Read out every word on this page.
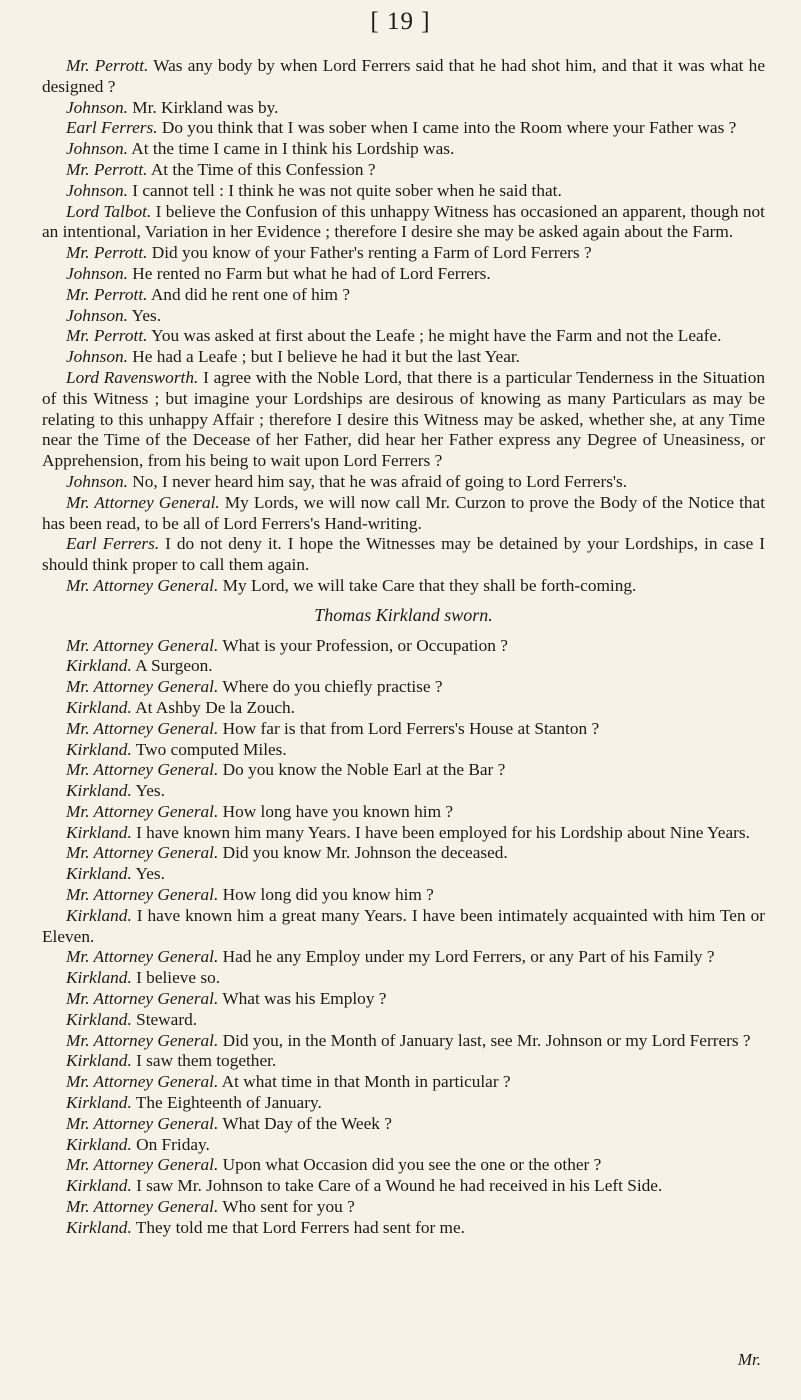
[ 19 ]

Mr. Perrott. Was any body by when Lord Ferrers said that he had shot him, and that it was what he designed ?

Johnson. Mr. Kirkland was by.

Earl Ferrers. Do you think that I was sober when I came into the Room where your Father was ?

Johnson. At the time I came in I think his Lordship was.

Mr. Perrott. At the Time of this Confession ?

Johnson. I cannot tell : I think he was not quite sober when he said that.

Lord Talbot. I believe the Confusion of this unhappy Witness has occasioned an apparent, though not an intentional, Variation in her Evidence ; therefore I desire she may be asked again about the Farm.

Mr. Perrott. Did you know of your Father's renting a Farm of Lord Ferrers ?

Johnson. He rented no Farm but what he had of Lord Ferrers.

Mr. Perrott. And did he rent one of him ?

Johnson. Yes.

Mr. Perrott. You was asked at first about the Leafe ; he might have the Farm and not the Leafe.

Johnson. He had a Leafe ; but I believe he had it but the last Year.

Lord Ravensworth. I agree with the Noble Lord, that there is a particular Tenderness in the Situation of this Witness ; but imagine your Lordships are desirous of knowing as many Particulars as may be relating to this unhappy Affair ; therefore I desire this Witness may be asked, whether she, at any Time near the Time of the Decease of her Father, did hear her Father express any Degree of Uneasiness, or Apprehension, from his being to wait upon Lord Ferrers ?

Johnson. No, I never heard him say, that he was afraid of going to Lord Ferrers's.

Mr. Attorney General. My Lords, we will now call Mr. Curzon to prove the Body of the Notice that has been read, to be all of Lord Ferrers's Hand-writing.

Earl Ferrers. I do not deny it. I hope the Witnesses may be detained by your Lordships, in case I should think proper to call them again.

Mr. Attorney General. My Lord, we will take Care that they shall be forth-coming.

Thomas Kirkland sworn.

Mr. Attorney General. What is your Profession, or Occupation ?

Kirkland. A Surgeon.

Mr. Attorney General. Where do you chiefly practise ?

Kirkland. At Ashby De la Zouch.

Mr. Attorney General. How far is that from Lord Ferrers's House at Stanton ?

Kirkland. Two computed Miles.

Mr. Attorney General. Do you know the Noble Earl at the Bar ?

Kirkland. Yes.

Mr. Attorney General. How long have you known him ?

Kirkland. I have known him many Years. I have been employed for his Lordship about Nine Years.

Mr. Attorney General. Did you know Mr. Johnson the deceased.

Kirkland. Yes.

Mr. Attorney General. How long did you know him ?

Kirkland. I have known him a great many Years. I have been intimately acquainted with him Ten or Eleven.

Mr. Attorney General. Had he any Employ under my Lord Ferrers, or any Part of his Family ?

Kirkland. I believe so.

Mr. Attorney General. What was his Employ ?

Kirkland. Steward.

Mr. Attorney General. Did you, in the Month of January last, see Mr. Johnson or my Lord Ferrers ?

Kirkland. I saw them together.

Mr. Attorney General. At what time in that Month in particular ?

Kirkland. The Eighteenth of January.

Mr. Attorney General. What Day of the Week ?

Kirkland. On Friday.

Mr. Attorney General. Upon what Occasion did you see the one or the other ?

Kirkland. I saw Mr. Johnson to take Care of a Wound he had received in his Left Side.

Mr. Attorney General. Who sent for you ?

Kirkland. They told me that Lord Ferrers had sent for me.

Mr.
